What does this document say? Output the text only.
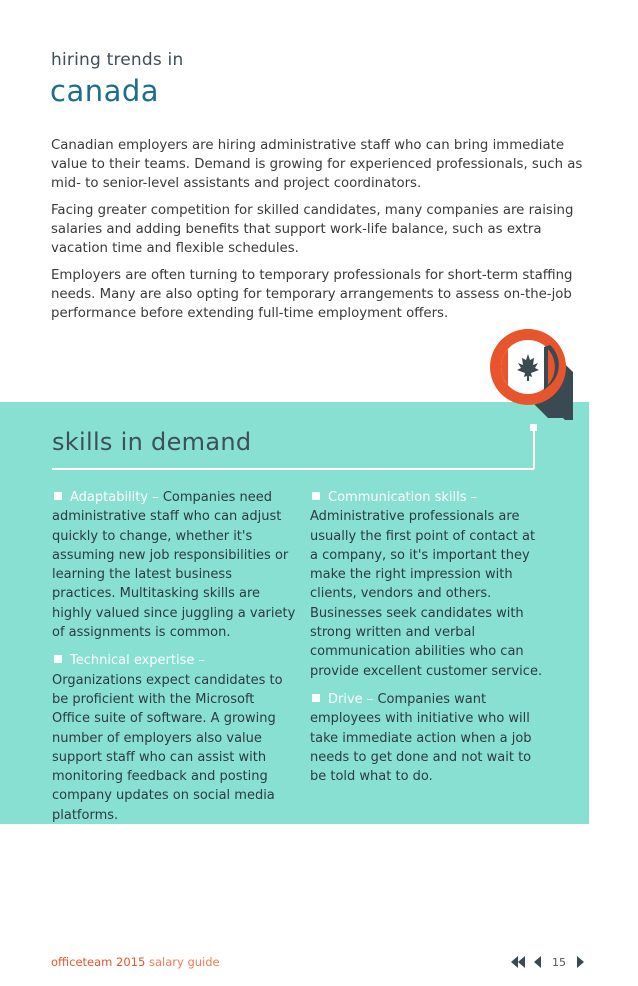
hiring trends in
canada

Canadian employers are hiring administrative staff who can bring immediate value to their teams. Demand is growing for experienced professionals, such as mid- to senior-level assistants and project coordinators.

Facing greater competition for skilled candidates, many companies are raising salaries and adding benefits that support work-life balance, such as extra vacation time and flexible schedules.

Employers are often turning to temporary professionals for short-term staffing needs. Many are also opting for temporary arrangements to assess on-the-job performance before extending full-time employment offers.

skills in demand
Adaptability – Companies need administrative staff who can adjust quickly to change, whether it's assuming new job responsibilities or learning the latest business practices. Multitasking skills are highly valued since juggling a variety of assignments is common.
Technical expertise – Organizations expect candidates to be proficient with the Microsoft Office suite of software. A growing number of employers also value support staff who can assist with monitoring feedback and posting company updates on social media platforms.
Communication skills – Administrative professionals are usually the first point of contact at a company, so it's important they make the right impression with clients, vendors and others. Businesses seek candidates with strong written and verbal communication abilities who can provide excellent customer service.
Drive – Companies want employees with initiative who will take immediate action when a job needs to get done and not wait to be told what to do.
officeteam 2015 salary guide	15
